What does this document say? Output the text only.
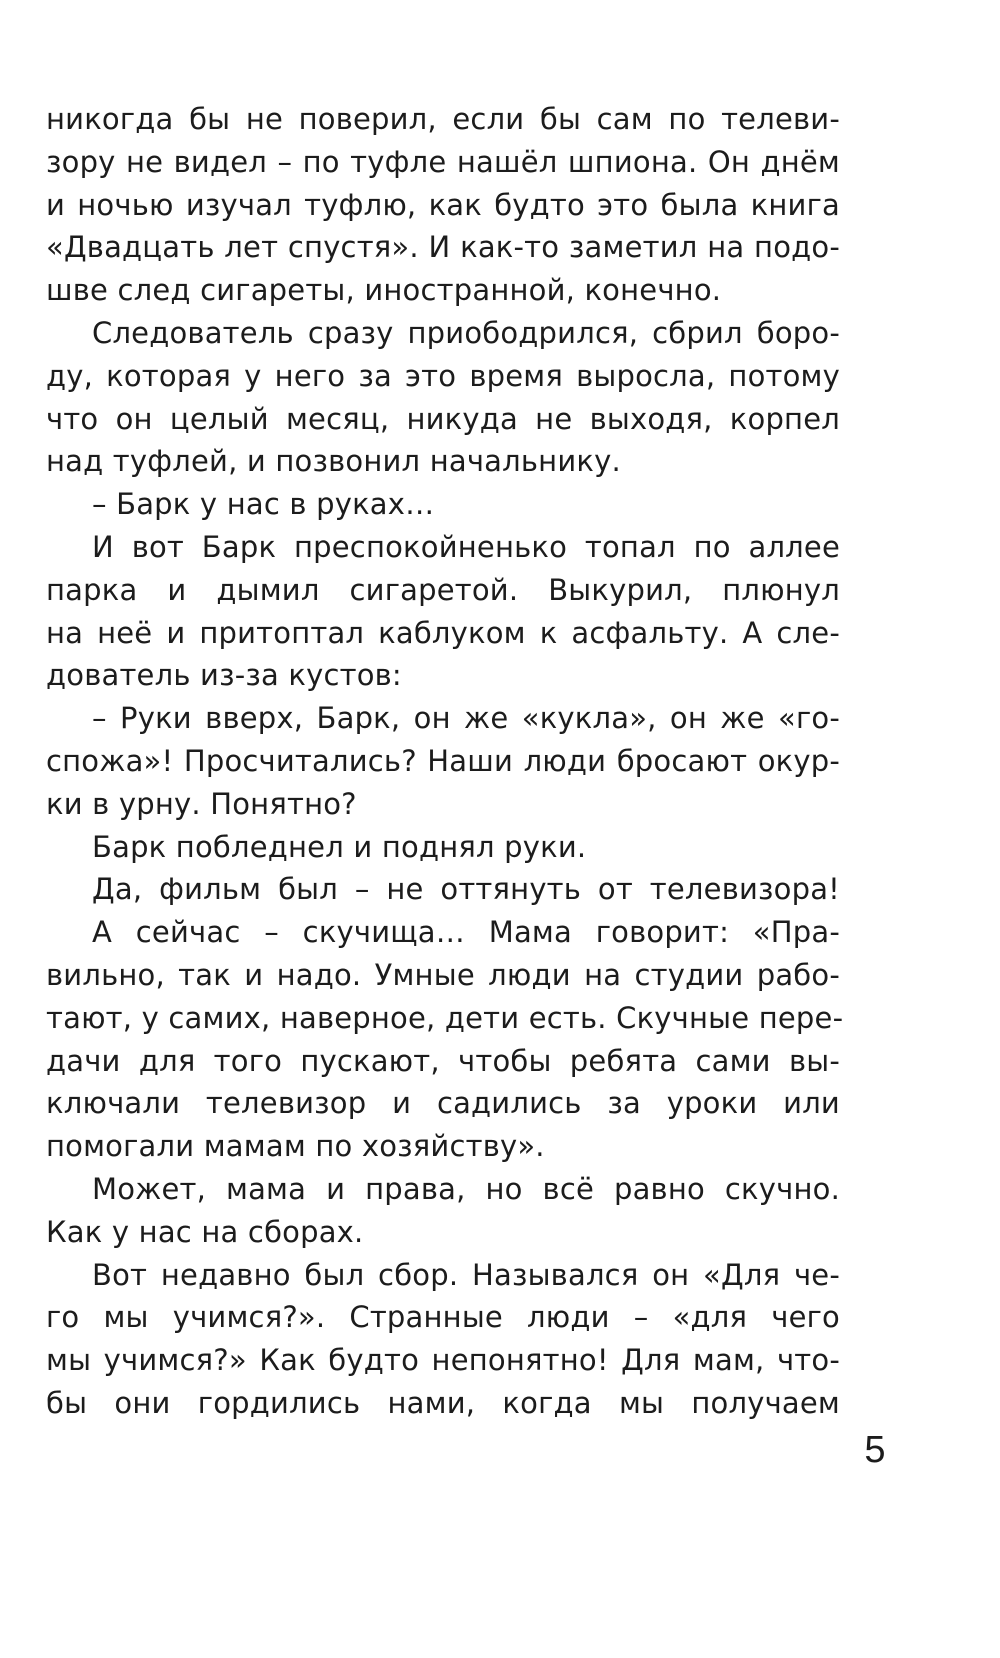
никогда бы не поверил, если бы сам по телеви-
зору не видел – по туфле нашёл шпиона. Он днём
и ночью изучал туфлю, как будто это была книга
«Двадцать лет спустя». И как-то заметил на подо-
шве след сигареты, иностранной, конечно.
Следователь сразу приободрился, сбрил боро-
ду, которая у него за это время выросла, потому
что он целый месяц, никуда не выходя, корпел
над туфлей, и позвонил начальнику.
– Барк у нас в руках…
И вот Барк преспокойненько топал по аллее
парка и дымил сигаретой. Выкурил, плюнул
на неё и притоптал каблуком к асфальту. А сле-
дователь из-за кустов:
– Руки вверх, Барк, он же «кукла», он же «го-
спожа»! Просчитались? Наши люди бросают окур-
ки в урну. Понятно?
Барк побледнел и поднял руки.
Да, фильм был – не оттянуть от телевизора!
А сейчас – скучища… Мама говорит: «Пра-
вильно, так и надо. Умные люди на студии рабо-
тают, у самих, наверное, дети есть. Скучные пере-
дачи для того пускают, чтобы ребята сами вы-
ключали телевизор и садились за уроки или
помогали мамам по хозяйству».
Может, мама и права, но всё равно скучно.
Как у нас на сборах.
Вот недавно был сбор. Назывался он «Для че-
го мы учимся?». Странные люди – «для чего
мы учимся?» Как будто непонятно! Для мам, что-
бы они гордились нами, когда мы получаем
5
